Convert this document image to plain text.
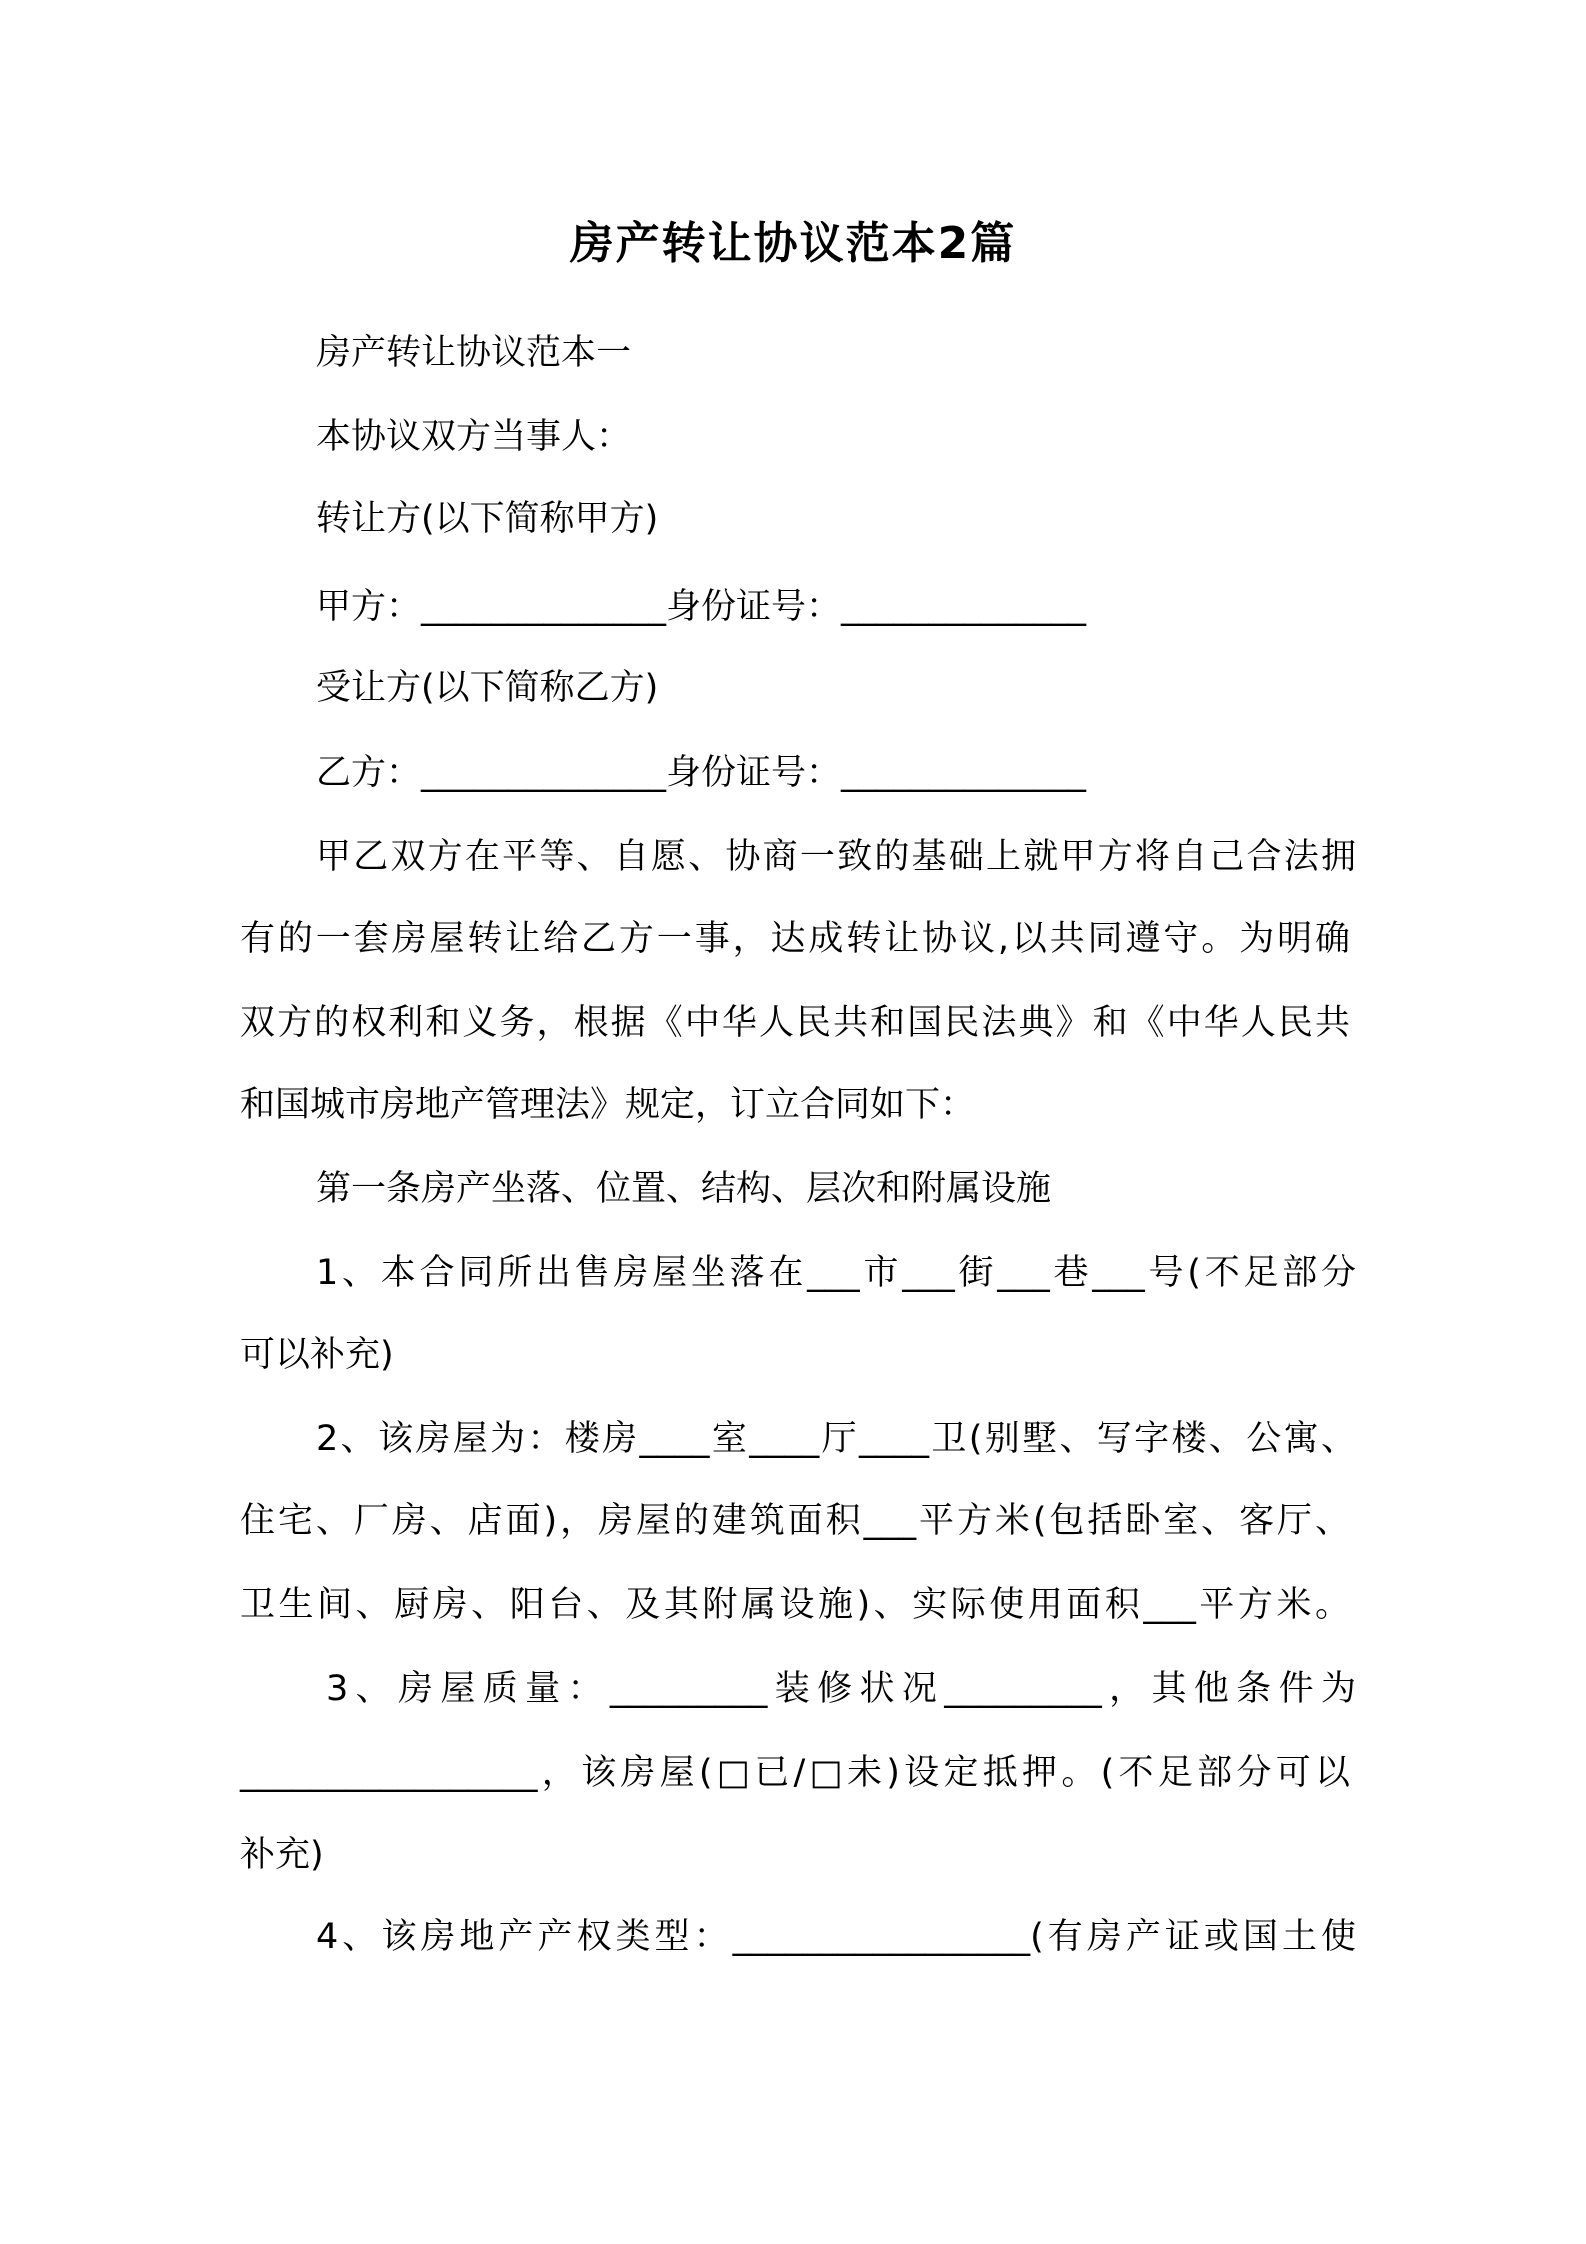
房产转让协议范本2篇
房产转让协议范本一
本协议双方当事人：
转让方(以下简称甲方)
甲方：______________身份证号：______________
受让方(以下简称乙方)
乙方：______________身份证号：______________
甲乙双方在平等、自愿、协商一致的基础上就甲方将自己合法拥
有的一套房屋转让给乙方一事，达成转让协议,以共同遵守。为明确
双方的权利和义务，根据《中华人民共和国民法典》和《中华人民共
和国城市房地产管理法》规定，订立合同如下：
第一条房产坐落、位置、结构、层次和附属设施
1、本合同所出售房屋坐落在___市___街___巷___号(不足部分
可以补充)
2、该房屋为：楼房____室____厅____卫(别墅、写字楼、公寓、
住宅、厂房、店面)，房屋的建筑面积___平方米(包括卧室、客厅、
卫生间、厨房、阳台、及其附属设施)、实际使用面积___平方米。
3、房屋质量：_________装修状况_________，其他条件为
_________________，该房屋(□已/□未)设定抵押。(不足部分可以
补充)
4、该房地产产权类型：_________________(有房产证或国土使
